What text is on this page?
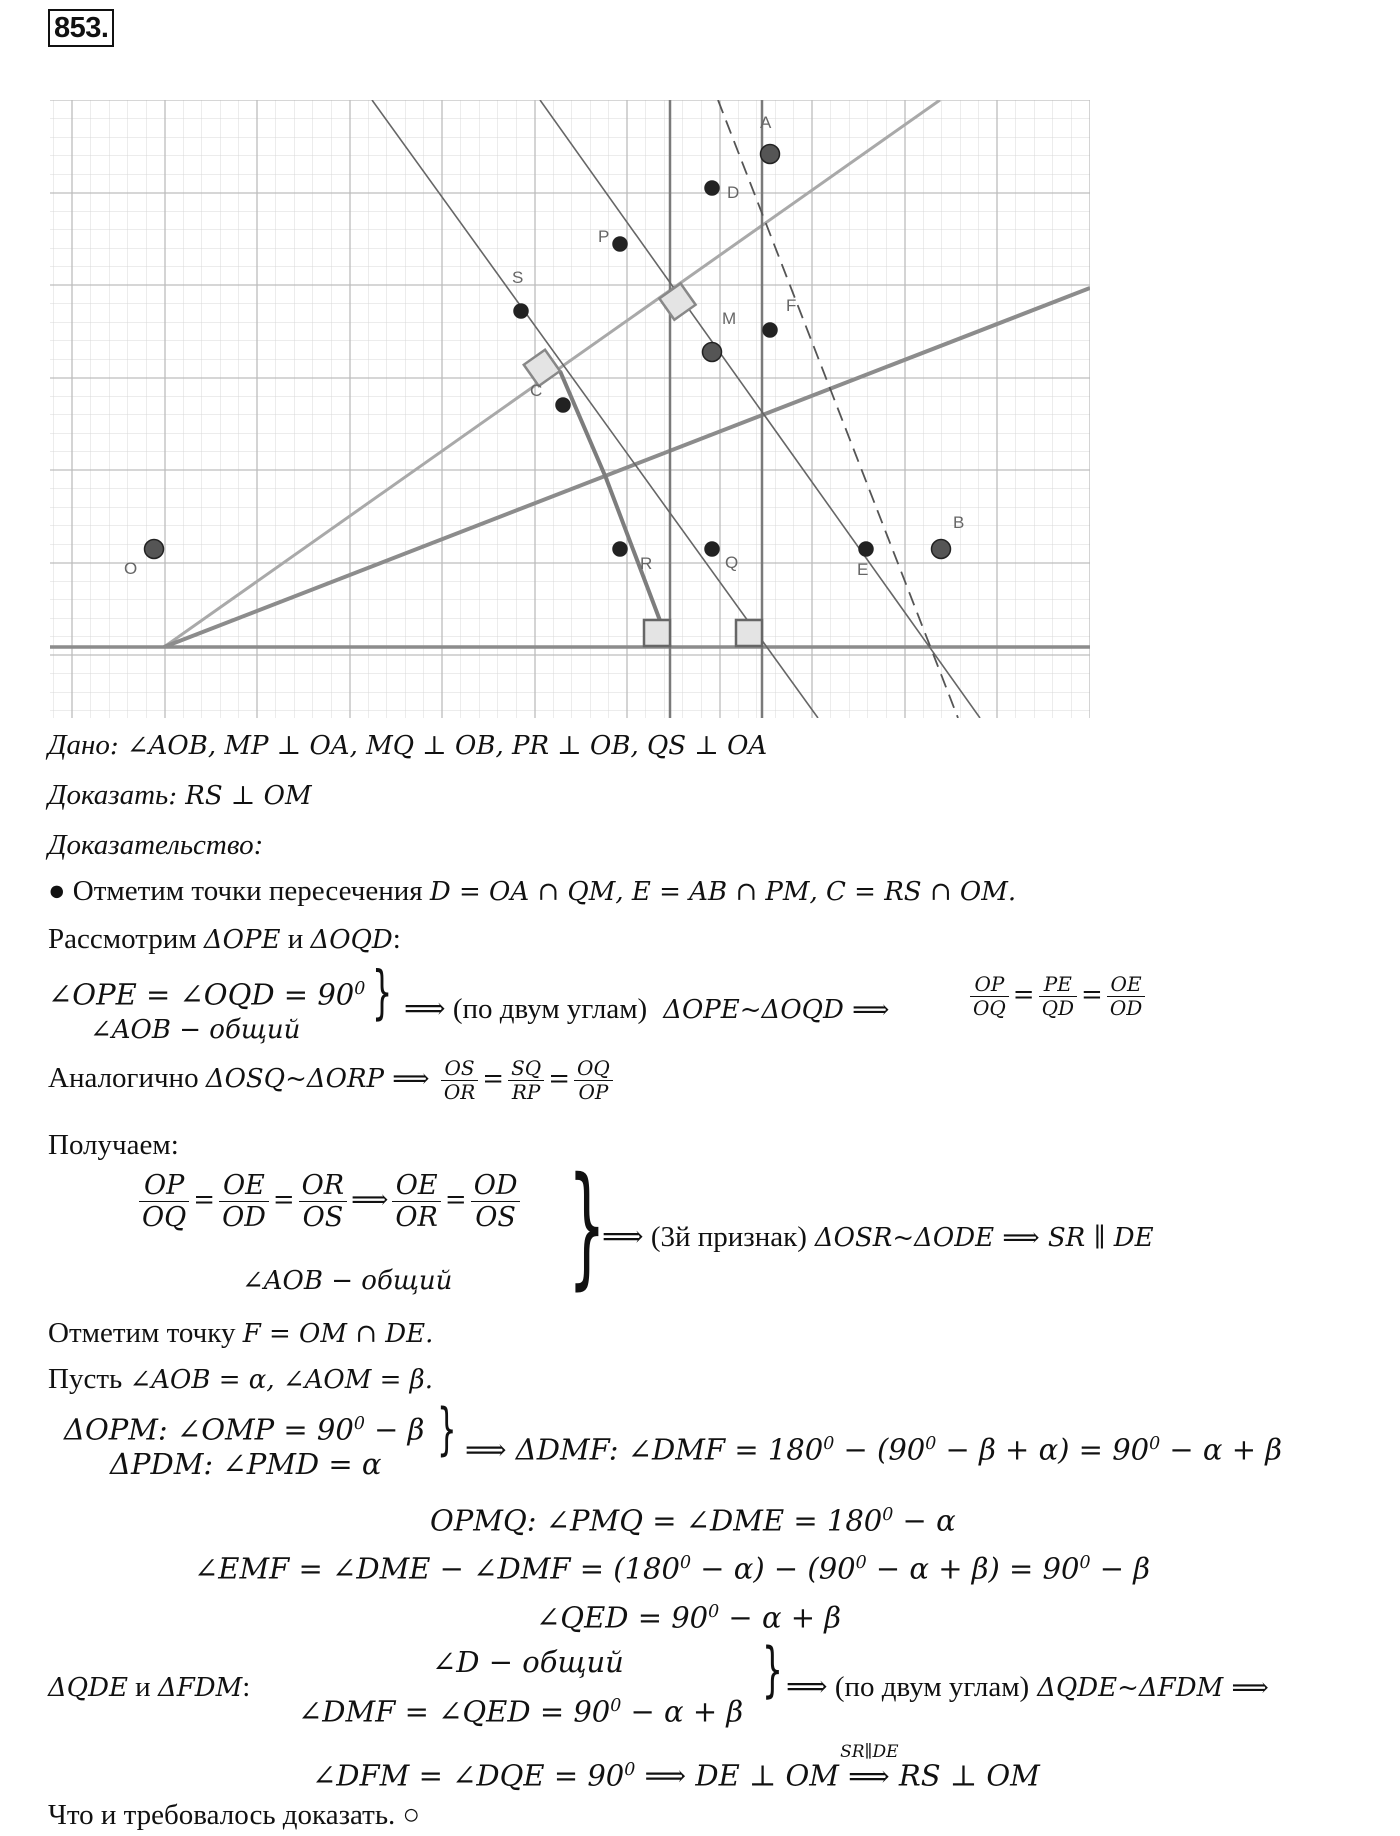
853.
A
D
P
S
F
M
C
O	R	Q	E
B
Дано: ∠AOB, MP ⊥ OA, MQ ⊥ OB, PR ⊥ OB, QS ⊥ OA
Доказать: RS ⊥ OM
Доказательство:
● Отметим точки пересечения D = OA ∩ QM, E = AB ∩ PM, C = RS ∩ OM.
Рассмотрим ΔOPE и ΔOQD:
∠OPE = ∠OQD = $90^0$
∠AOB − общий
} ⟹ (по двум углам) ΔOPE~ΔOQD ⟹	$\frac{OP}{OQ} = \frac{PE}{QD} = \frac{OE}{OD}$
Аналогично ΔOSQ~ΔORP ⟹ $\frac{OS}{OR} = \frac{SQ}{RP} = \frac{OQ}{OP}$
Получаем:
$\frac{OP}{OQ} = \frac{OE}{OD} = \frac{OR}{OS}$ ⟹ $\frac{OE}{OR} = \frac{OD}{OS}$
∠AOB − общий }
⟹ (3й признак) ΔOSR~ΔODE ⟹ SR ∥ DE
Отметим точку F = OM ∩ DE.
Пусть ∠AOB = α, ∠AOM = β.
ΔOPM: ∠OMP = $90^0 - \beta$
ΔPDM: ∠PMD = α
} ⟹ ΔDMF: ∠DMF = $180^0 - (90^0 - \beta + \alpha) = 90^0 - \alpha + \beta$
OPMQ: ∠PMQ = ∠DME = $180^0 - \alpha$
∠EMF = ∠DME − ∠DMF = $(180^0 - \alpha) - (90^0 - \alpha + \beta) = 90^0 - \beta$
∠QED = $90^0 - \alpha + \beta$
ΔQDE и ΔFDM:
∠D − общий
∠DMF = ∠QED = $90^0 - \alpha + \beta$
} ⟹ (по двум углам) ΔQDE~ΔFDM ⟹
∠DFM = ∠DQE = $90^0$ ⟹ DE ⊥ OM
SR∥DE
⟹ RS ⊥ OM
Что и требовалось доказать. ○
